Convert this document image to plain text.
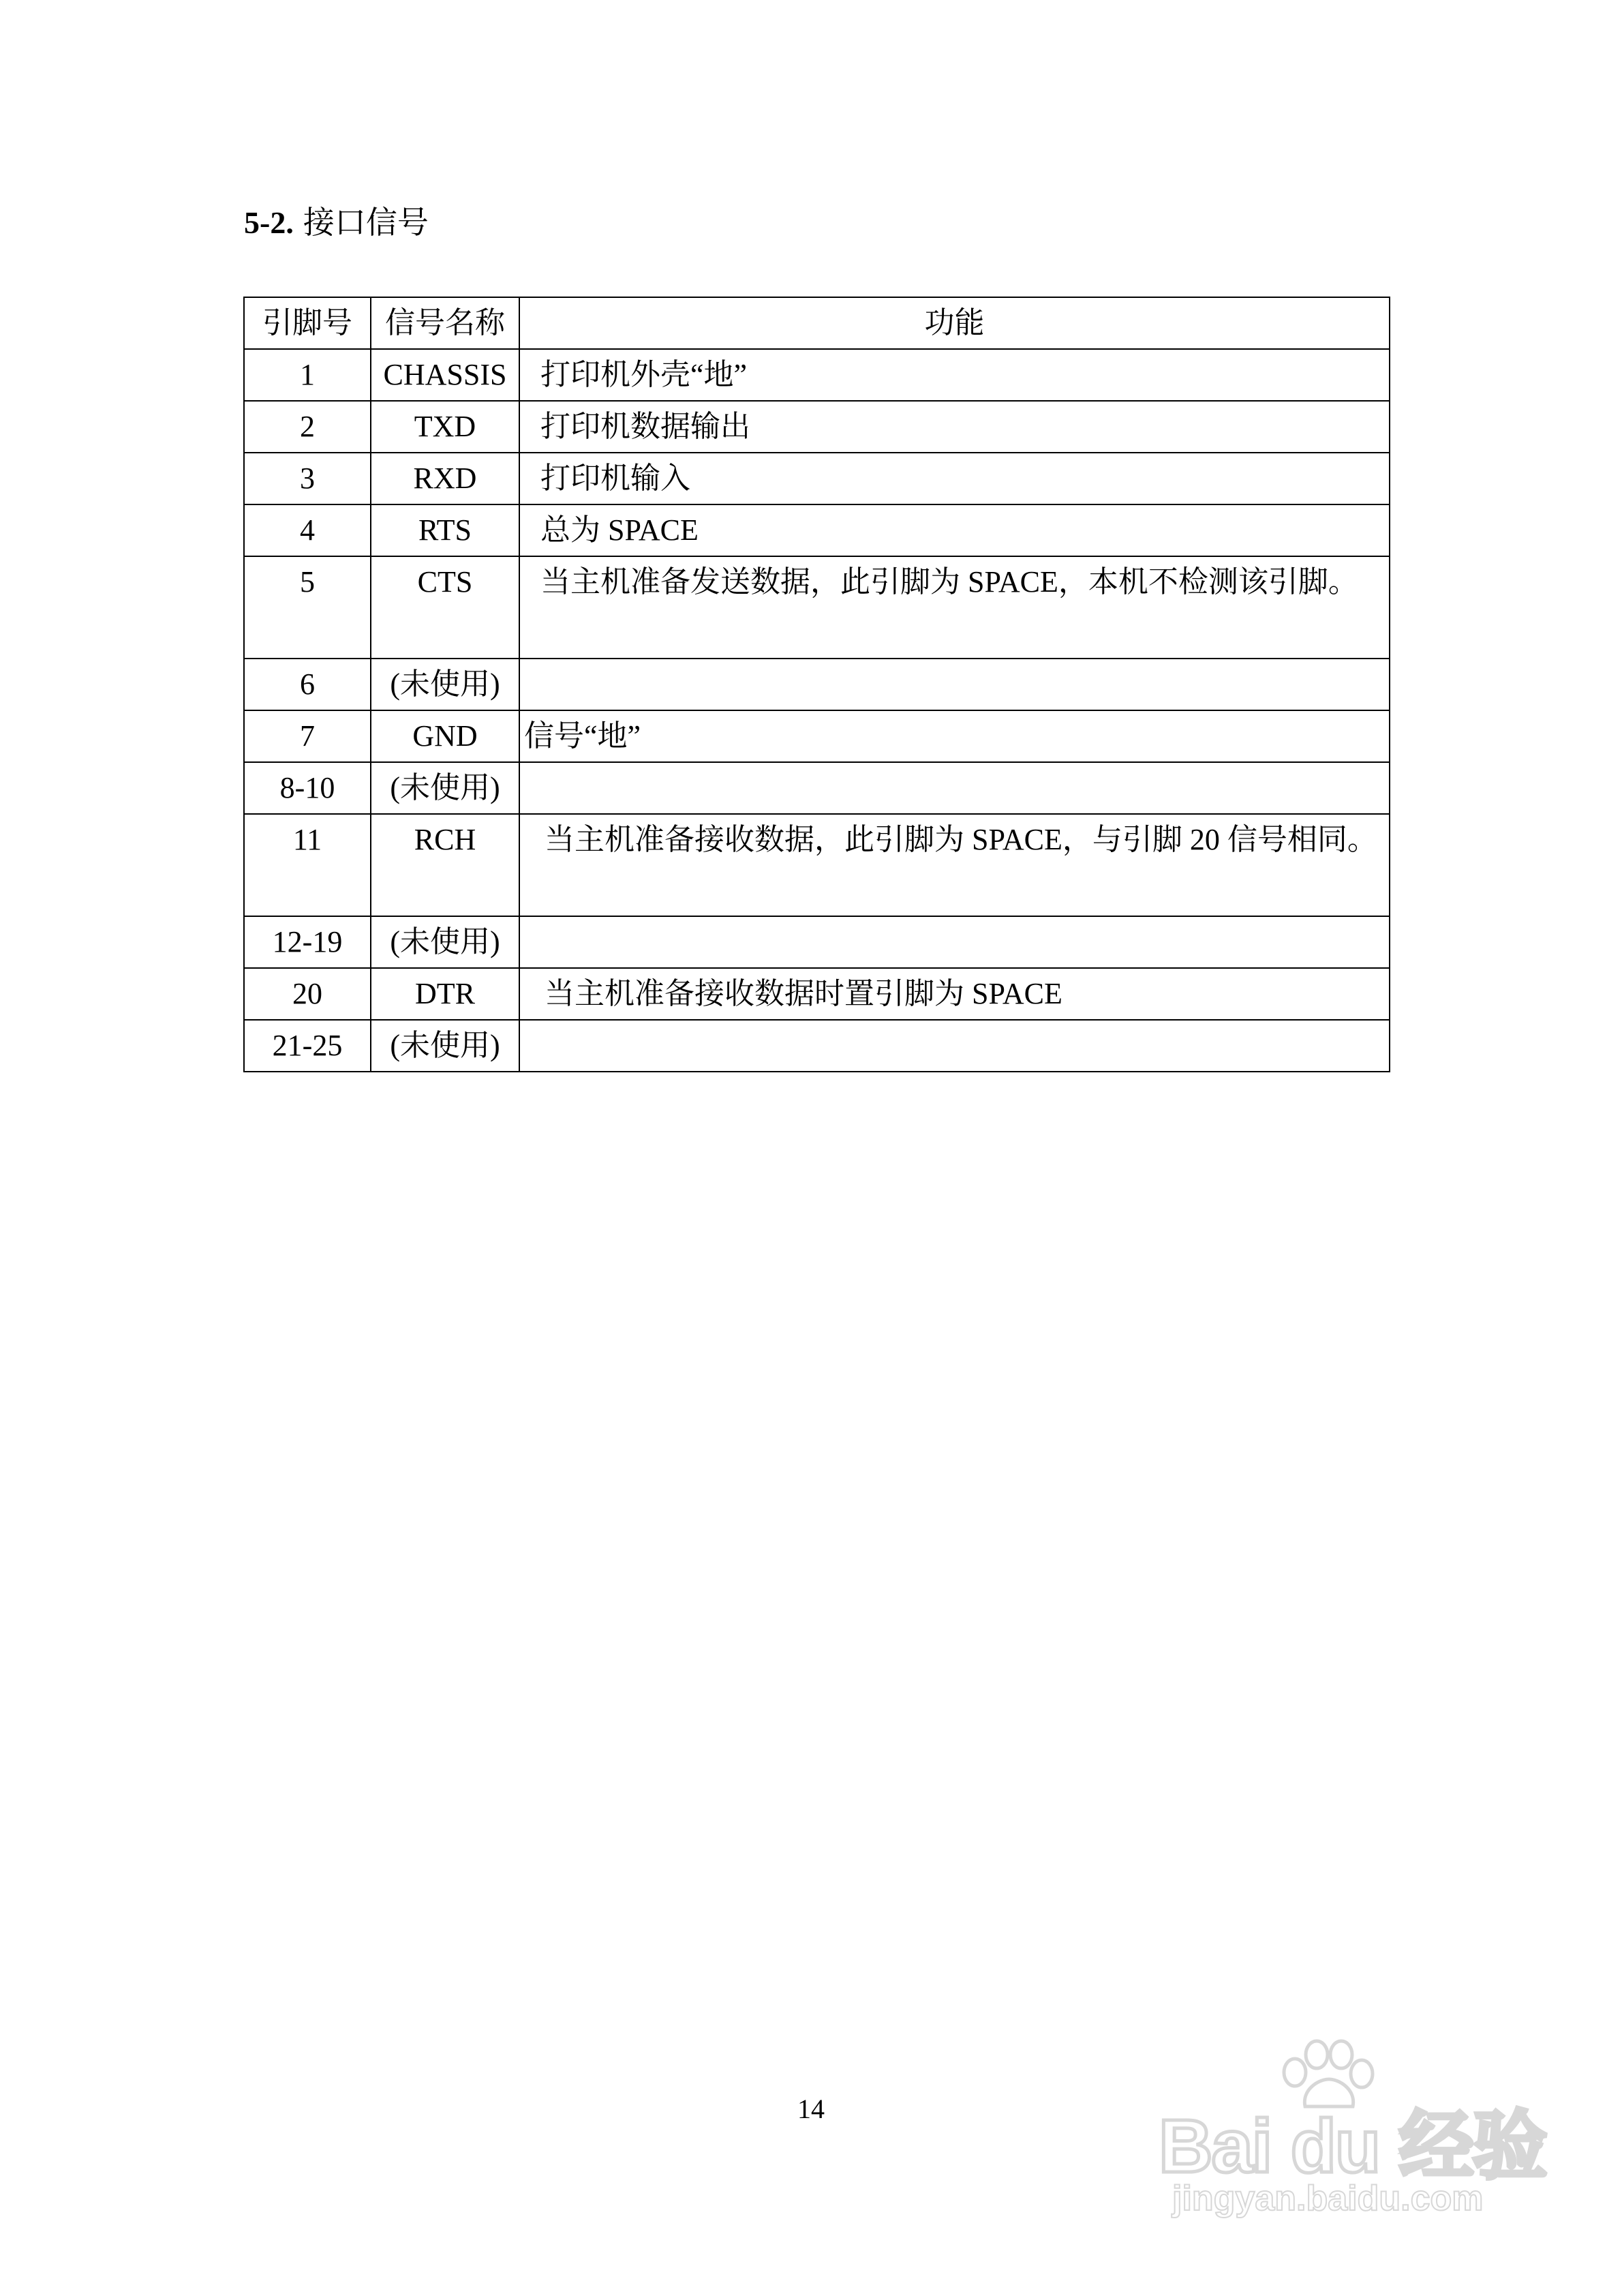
5-2. 接口信号
引脚号	信号名称	功能
1	CHASSIS	打印机外壳“地”
2	TXD	打印机数据输出
3	RXD	打印机输入
4	RTS	总为 SPACE
5	CTS	当主机准备发送数据，此引脚为 SPACE，本机不检测该引脚。
6	(未使用)	
7	GND	信号“地”
8-10	(未使用)	
11	RCH	当主机准备接收数据，此引脚为 SPACE，与引脚 20 信号相同。
12-19	(未使用)	
20	DTR	当主机准备接收数据时置引脚为 SPACE
21-25	(未使用)	
14	Bai du 经验
jingyan.baidu.com
